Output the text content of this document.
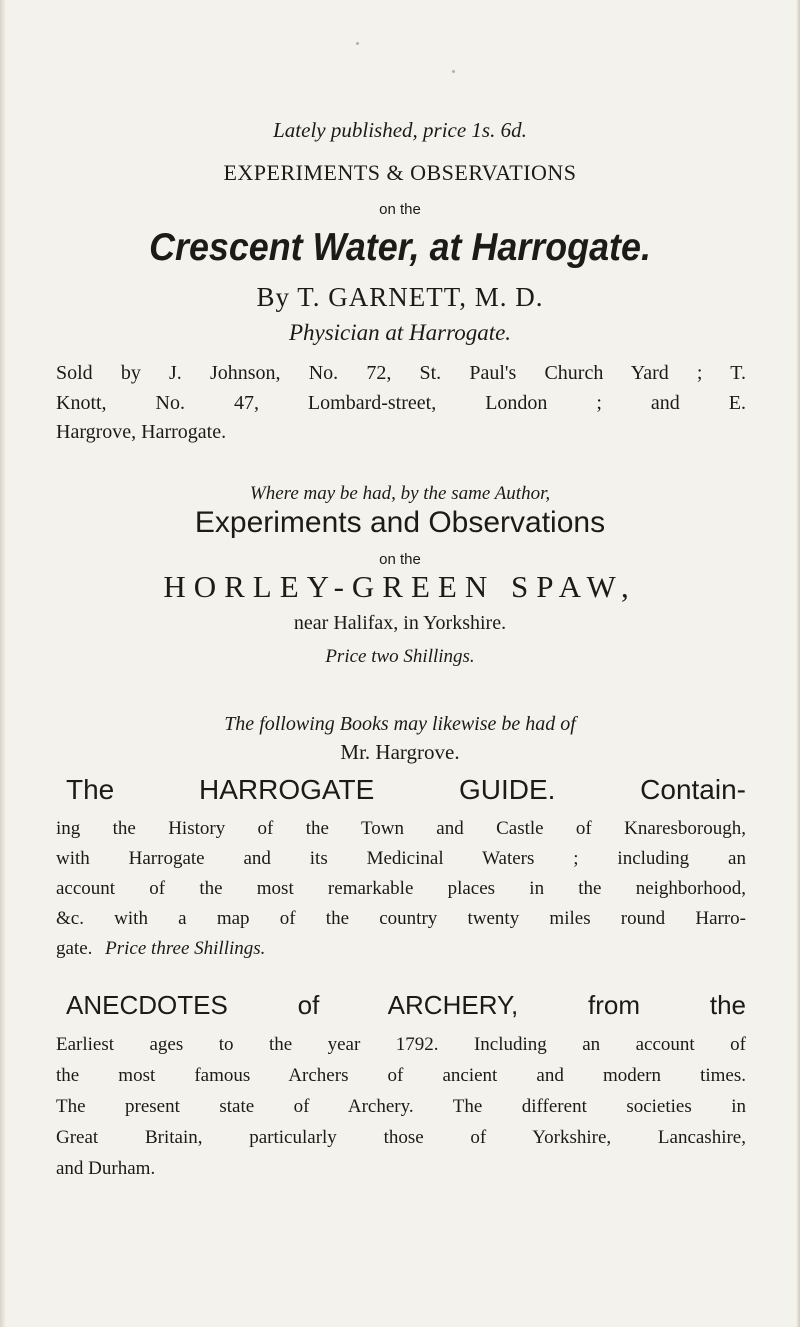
Lately published, price 1s. 6d.
EXPERIMENTS & OBSERVATIONS
on the
Crescent Water, at Harrogate.
By T. GARNETT, M. D.
Physician at Harrogate.
Sold by J. Johnson, No. 72, St. Paul's Church Yard ; T.
Knott, No. 47, Lombard-street, London ; and E.
Hargrove, Harrogate.
Where may be had, by the same Author,
Experiments and Observations
on the
HORLEY-GREEN SPAW,
near Halifax, in Yorkshire.
Price two Shillings.
The following Books may likewise be had of
Mr. Hargrove.
The HARROGATE GUIDE. Contain-
ing the History of the Town and Castle of Knaresborough,
with Harrogate and its Medicinal Waters ; including an
account of the most remarkable places in the neighborhood,
&c. with a map of the country twenty miles round Harro-
gate. Price three Shillings.
ANECDOTES of ARCHERY, from the
Earliest ages to the year 1792. Including an account of
the most famous Archers of ancient and modern times.
The present state of Archery. The different societies in
Great Britain, particularly those of Yorkshire, Lancashire,
and Durham.
